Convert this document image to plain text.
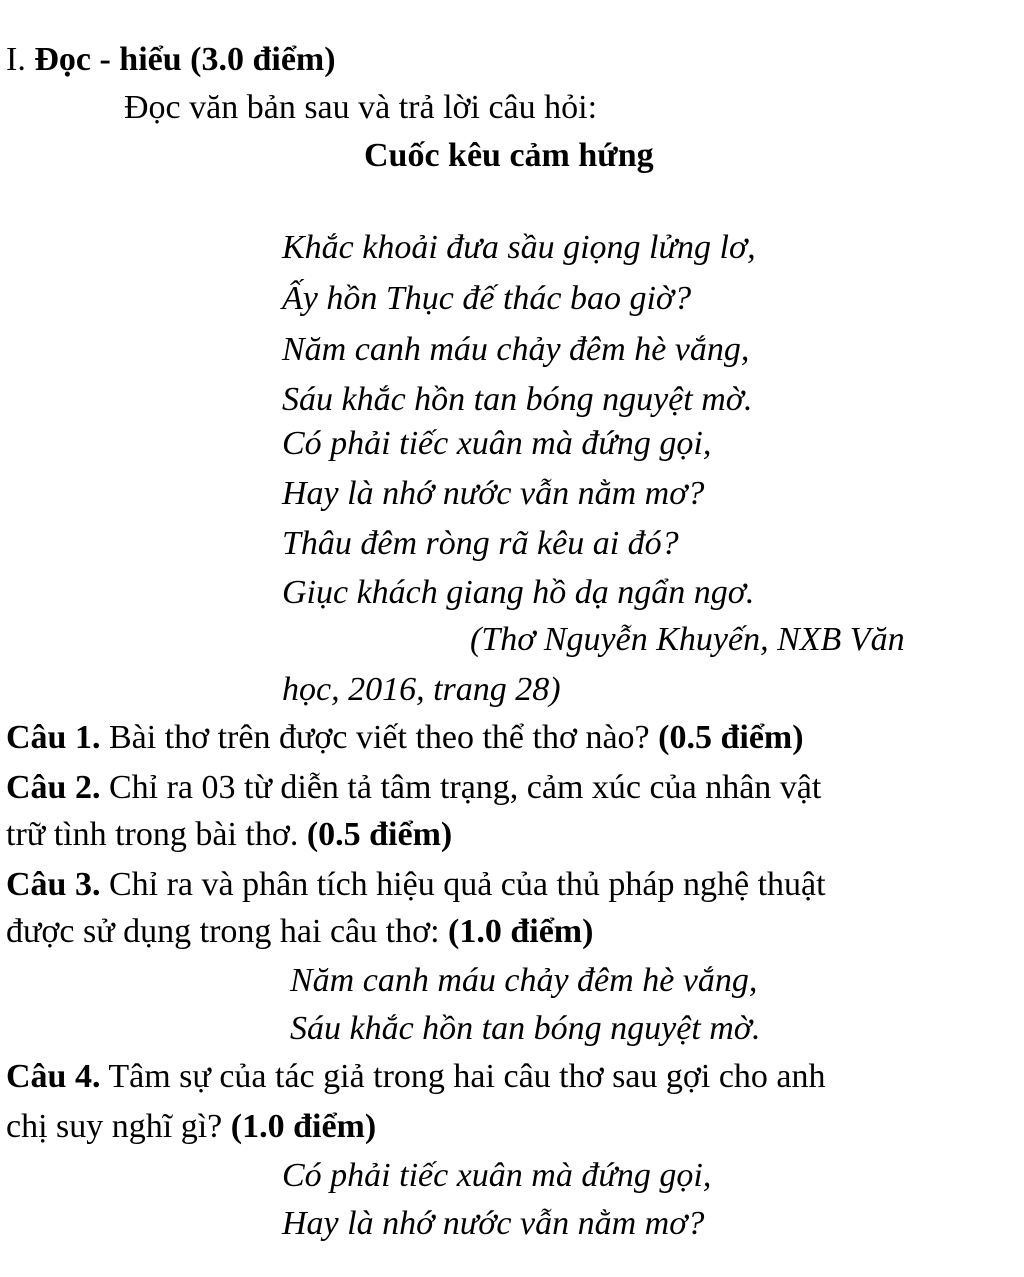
I. Đọc - hiểu (3.0 điểm)
Đọc văn bản sau và trả lời câu hỏi:
Cuốc kêu cảm hứng
Khắc khoải đưa sầu giọng lửng lơ,
Ấy hồn Thục đế thác bao giờ?
Năm canh máu chảy đêm hè vắng,
Sáu khắc hồn tan bóng nguyệt mờ.
Có phải tiếc xuân mà đứng gọi,
Hay là nhớ nước vẫn nằm mơ?
Thâu đêm ròng rã kêu ai đó?
Giục khách giang hồ dạ ngẩn ngơ.
(Thơ Nguyễn Khuyến, NXB Văn
học, 2016, trang 28)
Câu 1. Bài thơ trên được viết theo thể thơ nào? (0.5 điểm)
Câu 2. Chỉ ra 03 từ diễn tả tâm trạng, cảm xúc của nhân vật
trữ tình trong bài thơ. (0.5 điểm)
Câu 3. Chỉ ra và phân tích hiệu quả của thủ pháp nghệ thuật
được sử dụng trong hai câu thơ: (1.0 điểm)
Năm canh máu chảy đêm hè vắng,
Sáu khắc hồn tan bóng nguyệt mờ.
Câu 4. Tâm sự của tác giả trong hai câu thơ sau gợi cho anh
chị suy nghĩ gì? (1.0 điểm)
Có phải tiếc xuân mà đứng gọi,
Hay là nhớ nước vẫn nằm mơ?
